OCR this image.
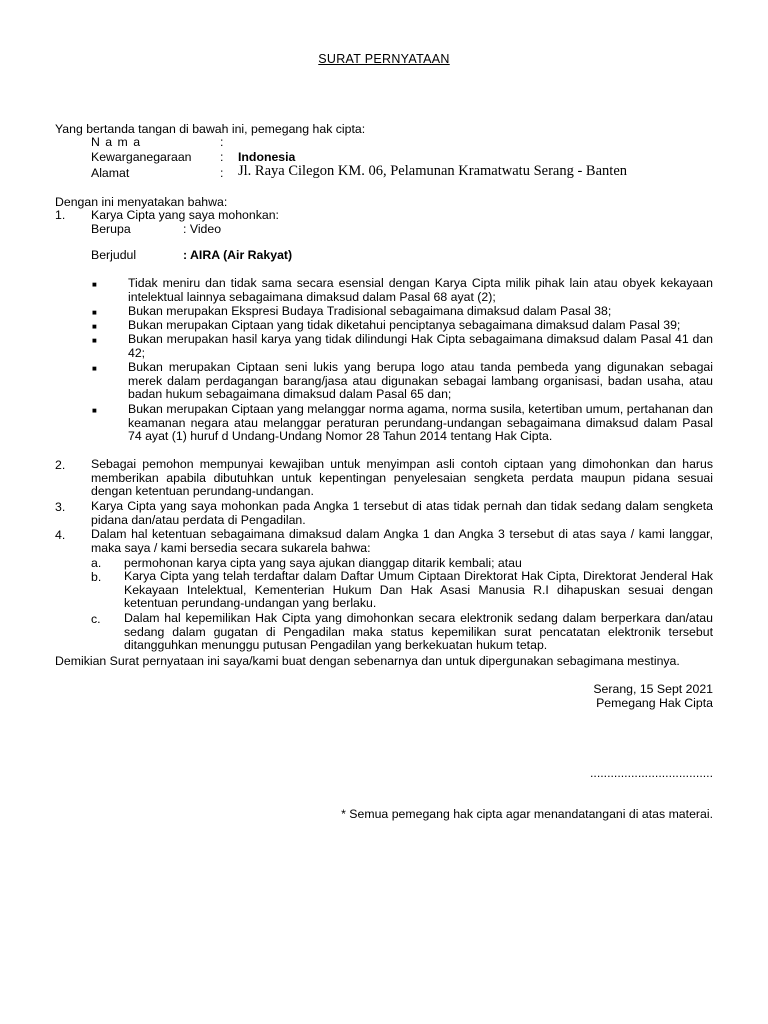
SURAT PERNYATAAN
Yang bertanda tangan di bawah ini, pemegang hak cipta:
N a m a	:
Kewarganegaraan : Indonesia
Alamat	: Jl. Raya Cilegon KM. 06, Pelamunan Kramatwatu Serang - Banten
Dengan ini menyatakan bahwa:
1. Karya Cipta yang saya mohonkan:
Berupa	: Video
Berjudul	: AIRA (Air Rakyat)
■	Tidak meniru dan tidak sama secara esensial dengan Karya Cipta milik pihak lain atau obyek kekayaan intelektual lainnya sebagaimana dimaksud dalam Pasal 68 ayat (2);
■	Bukan merupakan Ekspresi Budaya Tradisional sebagaimana dimaksud dalam Pasal 38;
■	Bukan merupakan Ciptaan yang tidak diketahui penciptanya sebagaimana dimaksud dalam Pasal 39;
■	Bukan merupakan hasil karya yang tidak dilindungi Hak Cipta sebagaimana dimaksud dalam Pasal 41 dan 42;
■	Bukan merupakan Ciptaan seni lukis yang berupa logo atau tanda pembeda yang digunakan sebagai merek dalam perdagangan barang/jasa atau digunakan sebagai lambang organisasi, badan usaha, atau badan hukum sebagaimana dimaksud dalam Pasal 65 dan;
■	Bukan merupakan Ciptaan yang melanggar norma agama, norma susila, ketertiban umum, pertahanan dan keamanan negara atau melanggar peraturan perundang-undangan sebagaimana dimaksud dalam Pasal 74 ayat (1) huruf d Undang-Undang Nomor 28 Tahun 2014 tentang Hak Cipta.
2. Sebagai pemohon mempunyai kewajiban untuk menyimpan asli contoh ciptaan yang dimohonkan dan harus memberikan apabila dibutuhkan untuk kepentingan penyelesaian sengketa perdata maupun pidana sesuai dengan ketentuan perundang-undangan.
3. Karya Cipta yang saya mohonkan pada Angka 1 tersebut di atas tidak pernah dan tidak sedang dalam sengketa pidana dan/atau perdata di Pengadilan.
4. Dalam hal ketentuan sebagaimana dimaksud dalam Angka 1 dan Angka 3 tersebut di atas saya / kami langgar, maka saya / kami bersedia secara sukarela bahwa:
a. permohonan karya cipta yang saya ajukan dianggap ditarik kembali; atau
b. Karya Cipta yang telah terdaftar dalam Daftar Umum Ciptaan Direktorat Hak Cipta, Direktorat Jenderal Hak Kekayaan Intelektual, Kementerian Hukum Dan Hak Asasi Manusia R.I dihapuskan sesuai dengan ketentuan perundang-undangan yang berlaku.
c. Dalam hal kepemilikan Hak Cipta yang dimohonkan secara elektronik sedang dalam berperkara dan/atau sedang dalam gugatan di Pengadilan maka status kepemilikan surat pencatatan elektronik tersebut ditangguhkan menunggu putusan Pengadilan yang berkekuatan hukum tetap.
Demikian Surat pernyataan ini saya/kami buat dengan sebenarnya dan untuk dipergunakan sebagimana mestinya.
Serang, 15 Sept 2021
Pemegang Hak Cipta
....................................
* Semua pemegang hak cipta agar menandatangani di atas materai.
